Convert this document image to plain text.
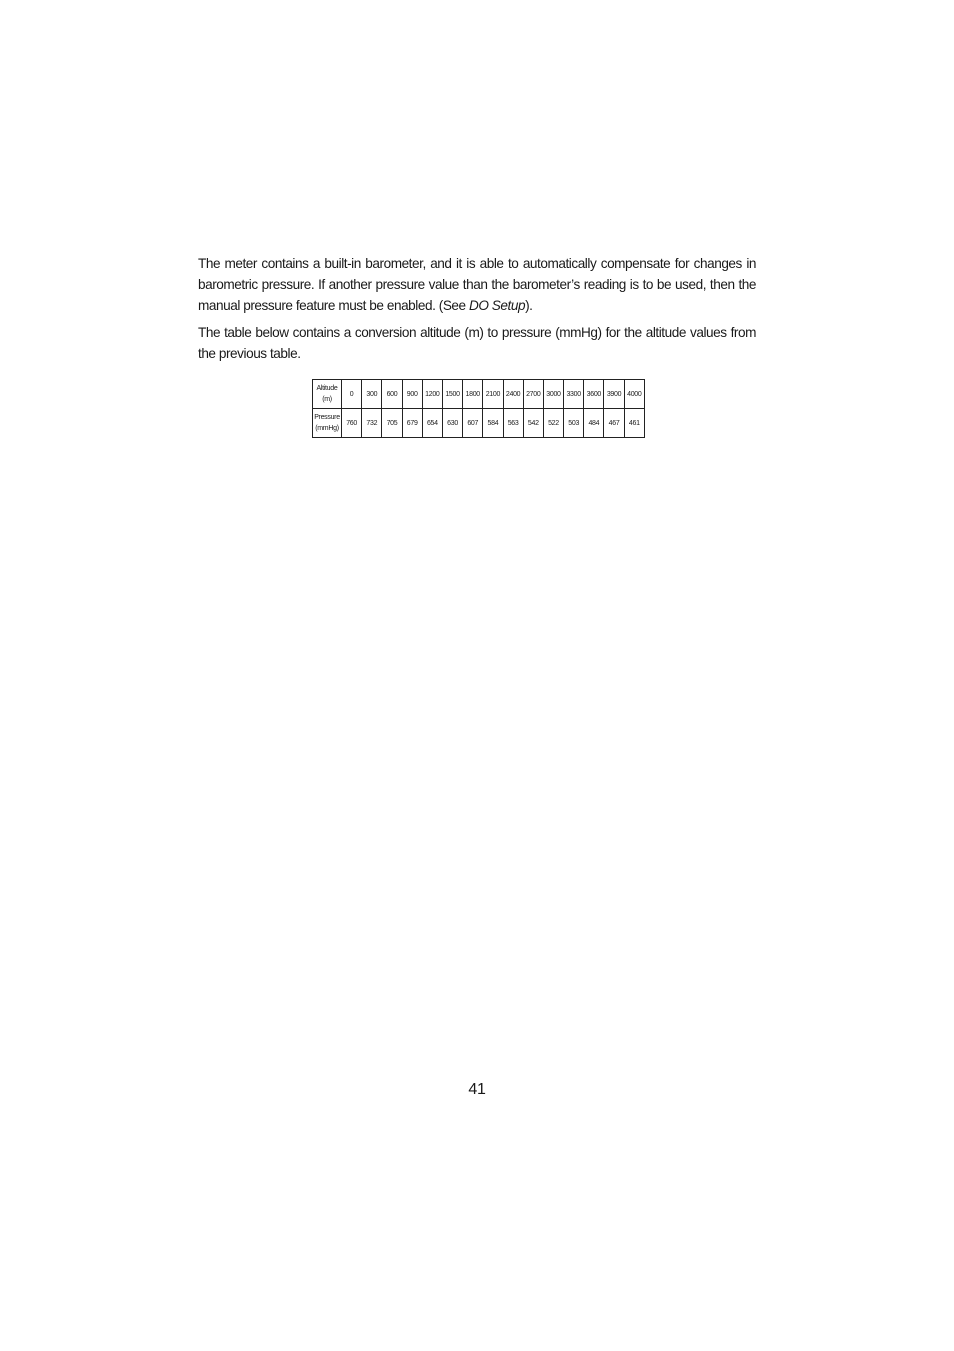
The meter contains a built-in barometer, and it is able to automatically compensate for changes in barometric pressure. If another pressure value than the barometer’s reading is to be used, then the manual pressure feature must be enabled. (See DO Setup).

The table below contains a conversion altitude (m) to pressure (mmHg) for the altitude values from the previous table.

Altitude
(m)	0	300	600	900	1200	1500	1800	2100	2400	2700	3000	3300	3600	3900	4000
Pressure
(mmHg)	760	732	705	679	654	630	607	584	563	542	522	503	484	467	461
41
